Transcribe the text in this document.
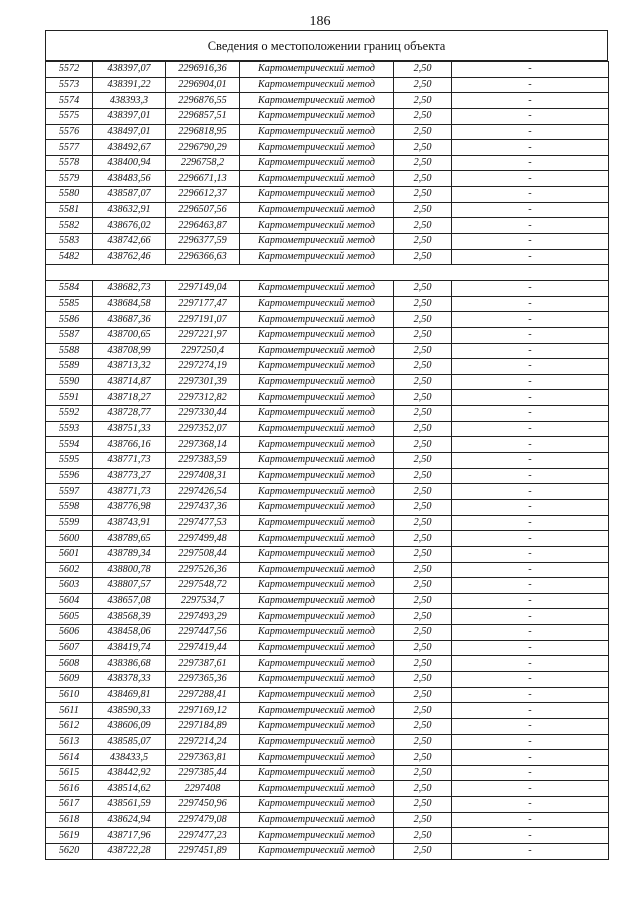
186
Сведения о местоположении границ объекта
5572	438397,07	2296916,36	Картометрический метод	2,50	-
5573	438391,22	2296904,01	Картометрический метод	2,50	-
5574	438393,3	2296876,55	Картометрический метод	2,50	-
5575	438397,01	2296857,51	Картометрический метод	2,50	-
5576	438497,01	2296818,95	Картометрический метод	2,50	-
5577	438492,67	2296790,29	Картометрический метод	2,50	-
5578	438400,94	2296758,2	Картометрический метод	2,50	-
5579	438483,56	2296671,13	Картометрический метод	2,50	-
5580	438587,07	2296612,37	Картометрический метод	2,50	-
5581	438632,91	2296507,56	Картометрический метод	2,50	-
5582	438676,02	2296463,87	Картометрический метод	2,50	-
5583	438742,66	2296377,59	Картометрический метод	2,50	-
5482	438762,46	2296366,63	Картометрический метод	2,50	-

5584	438682,73	2297149,04	Картометрический метод	2,50	-
5585	438684,58	2297177,47	Картометрический метод	2,50	-
5586	438687,36	2297191,07	Картометрический метод	2,50	-
5587	438700,65	2297221,97	Картометрический метод	2,50	-
5588	438708,99	2297250,4	Картометрический метод	2,50	-
5589	438713,32	2297274,19	Картометрический метод	2,50	-
5590	438714,87	2297301,39	Картометрический метод	2,50	-
5591	438718,27	2297312,82	Картометрический метод	2,50	-
5592	438728,77	2297330,44	Картометрический метод	2,50	-
5593	438751,33	2297352,07	Картометрический метод	2,50	-
5594	438766,16	2297368,14	Картометрический метод	2,50	-
5595	438771,73	2297383,59	Картометрический метод	2,50	-
5596	438773,27	2297408,31	Картометрический метод	2,50	-
5597	438771,73	2297426,54	Картометрический метод	2,50	-
5598	438776,98	2297437,36	Картометрический метод	2,50	-
5599	438743,91	2297477,53	Картометрический метод	2,50	-
5600	438789,65	2297499,48	Картометрический метод	2,50	-
5601	438789,34	2297508,44	Картометрический метод	2,50	-
5602	438800,78	2297526,36	Картометрический метод	2,50	-
5603	438807,57	2297548,72	Картометрический метод	2,50	-
5604	438657,08	2297534,7	Картометрический метод	2,50	-
5605	438568,39	2297493,29	Картометрический метод	2,50	-
5606	438458,06	2297447,56	Картометрический метод	2,50	-
5607	438419,74	2297419,44	Картометрический метод	2,50	-
5608	438386,68	2297387,61	Картометрический метод	2,50	-
5609	438378,33	2297365,36	Картометрический метод	2,50	-
5610	438469,81	2297288,41	Картометрический метод	2,50	-
5611	438590,33	2297169,12	Картометрический метод	2,50	-
5612	438606,09	2297184,89	Картометрический метод	2,50	-
5613	438585,07	2297214,24	Картометрический метод	2,50	-
5614	438433,5	2297363,81	Картометрический метод	2,50	-
5615	438442,92	2297385,44	Картометрический метод	2,50	-
5616	438514,62	2297408	Картометрический метод	2,50	-
5617	438561,59	2297450,96	Картометрический метод	2,50	-
5618	438624,94	2297479,08	Картометрический метод	2,50	-
5619	438717,96	2297477,23	Картометрический метод	2,50	-
5620	438722,28	2297451,89	Картометрический метод	2,50	-
